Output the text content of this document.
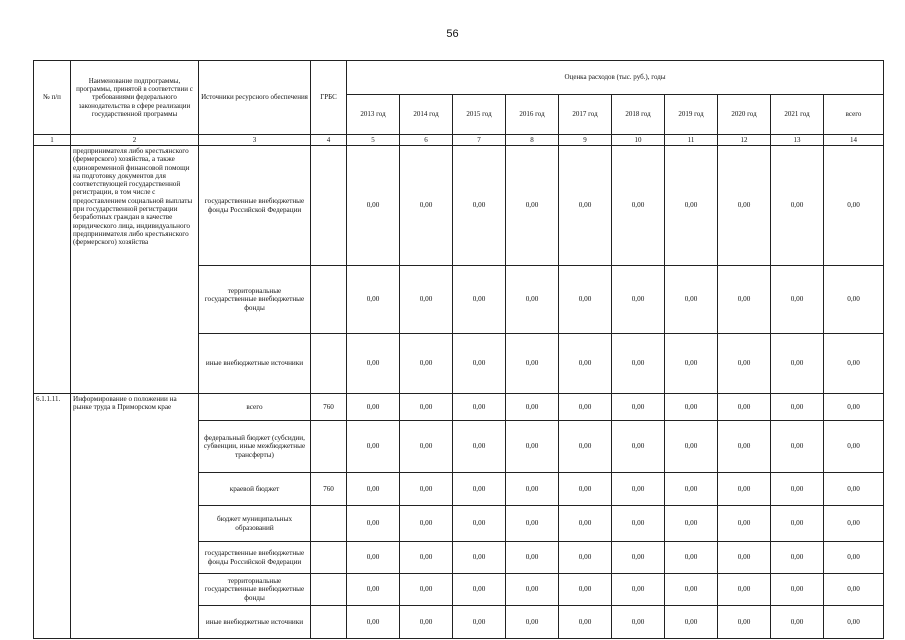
56
№ п/п	Наименование подпрограммы, программы, принятой в соответствии с требованиями федерального законодательства в сфере реализации государственной программы	Источники ресурсного обеспечения	ГРБС	Оценка расходов (тыс. руб.), годы									
				2013 год	2014 год	2015 год	2016 год	2017 год	2018 год	2019 год	2020 год	2021 год	всего
1	2	3	4	5	6	7	8	9	10	11	12	13	14
	предпринимателя либо крестьянского (фермерского) хозяйства, а также единовременной финансовой помощи на подготовку документов для соответствующей государственной регистрации, в том числе с предоставлением социальной выплаты при государственной регистрации безработных граждан в качестве юридического лица, индивидуального предпринимателя либо крестьянского (фермерского) хозяйства	государственные внебюджетные фонды Российской Федерации		0,00	0,00	0,00	0,00	0,00	0,00	0,00	0,00	0,00	0,00
		территориальные государственные внебюджетные фонды		0,00	0,00	0,00	0,00	0,00	0,00	0,00	0,00	0,00	0,00
		иные внебюджетные источники		0,00	0,00	0,00	0,00	0,00	0,00	0,00	0,00	0,00	0,00
6.1.1.11.	Информирование о положении на рынке труда в Приморском крае	всего	760	0,00	0,00	0,00	0,00	0,00	0,00	0,00	0,00	0,00	0,00
		федеральный бюджет (субсидии, субвенции, иные межбюджетные трансферты)		0,00	0,00	0,00	0,00	0,00	0,00	0,00	0,00	0,00	0,00
		краевой бюджет	760	0,00	0,00	0,00	0,00	0,00	0,00	0,00	0,00	0,00	0,00
		бюджет муниципальных образований		0,00	0,00	0,00	0,00	0,00	0,00	0,00	0,00	0,00	0,00
		государственные внебюджетные фонды Российской Федерации		0,00	0,00	0,00	0,00	0,00	0,00	0,00	0,00	0,00	0,00
		территориальные государственные внебюджетные фонды		0,00	0,00	0,00	0,00	0,00	0,00	0,00	0,00	0,00	0,00
		иные внебюджетные источники		0,00	0,00	0,00	0,00	0,00	0,00	0,00	0,00	0,00	0,00
